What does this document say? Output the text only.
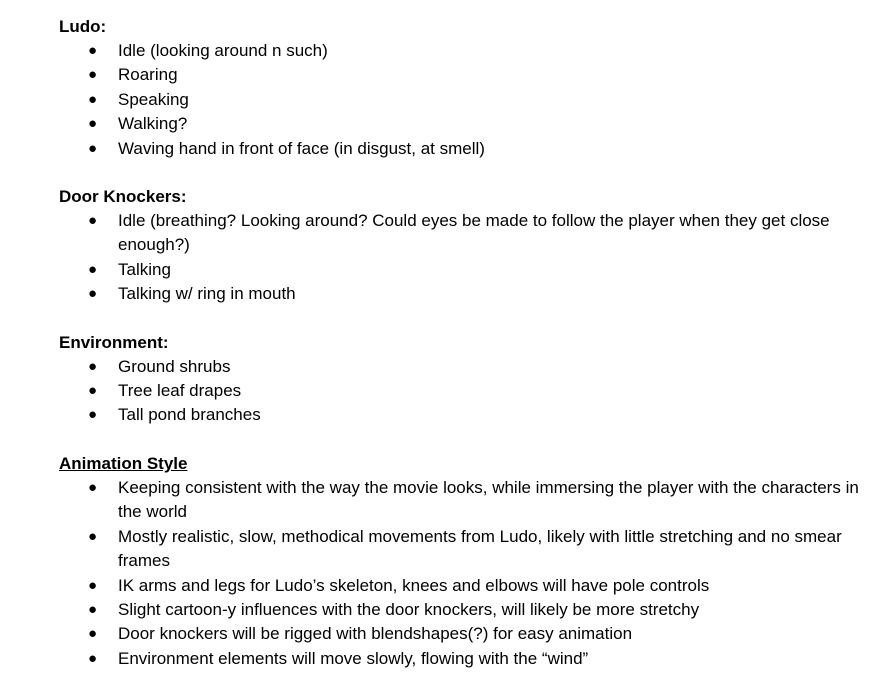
Ludo:

● Idle (looking around n such)
● Roaring
● Speaking
● Walking?
● Waving hand in front of face (in disgust, at smell)

Door Knockers:

● Idle (breathing? Looking around? Could eyes be made to follow the player when they get close enough?)
● Talking
● Talking w/ ring in mouth

Environment:

● Ground shrubs
● Tree leaf drapes
● Tall pond branches

Animation Style

● Keeping consistent with the way the movie looks, while immersing the player with the characters in the world
● Mostly realistic, slow, methodical movements from Ludo, likely with little stretching and no smear frames
● IK arms and legs for Ludo’s skeleton, knees and elbows will have pole controls
● Slight cartoon-y influences with the door knockers, will likely be more stretchy
● Door knockers will be rigged with blendshapes(?) for easy animation
● Environment elements will move slowly, flowing with the “wind”
